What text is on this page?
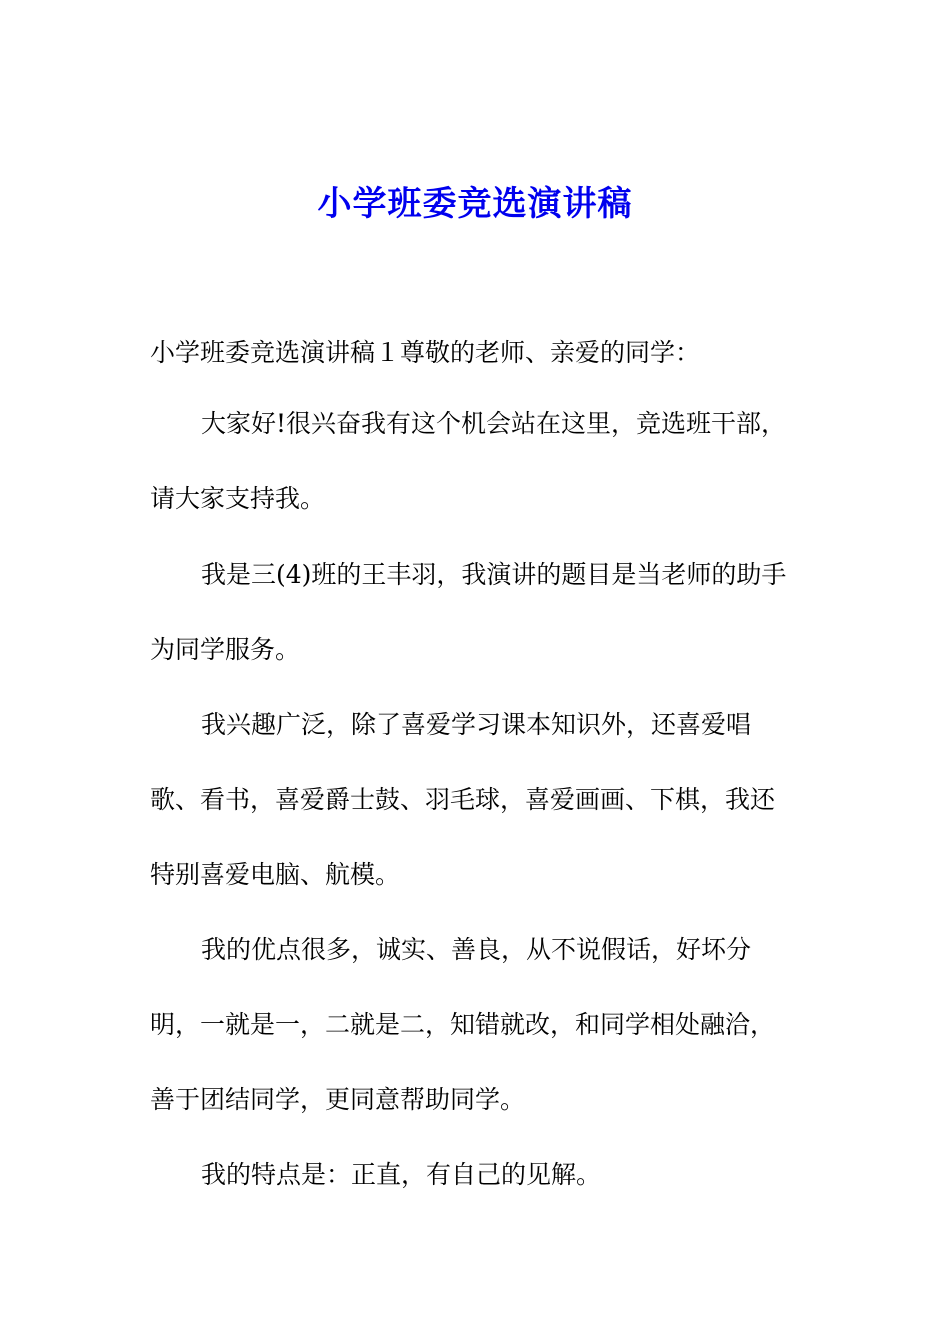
小学班委竞选演讲稿

小学班委竞选演讲稿１尊敬的老师、亲爱的同学：

大家好!很兴奋我有这个机会站在这里，竞选班干部，

请大家支持我。

我是三(4)班的王丰羽，我演讲的题目是当老师的助手

为同学服务。

我兴趣广泛，除了喜爱学习课本知识外，还喜爱唱

歌、看书，喜爱爵士鼓、羽毛球，喜爱画画、下棋，我还

特别喜爱电脑、航模。

我的优点很多，诚实、善良，从不说假话，好坏分

明，一就是一，二就是二，知错就改，和同学相处融洽，

善于团结同学，更同意帮助同学。

我的特点是：正直，有自己的见解。
